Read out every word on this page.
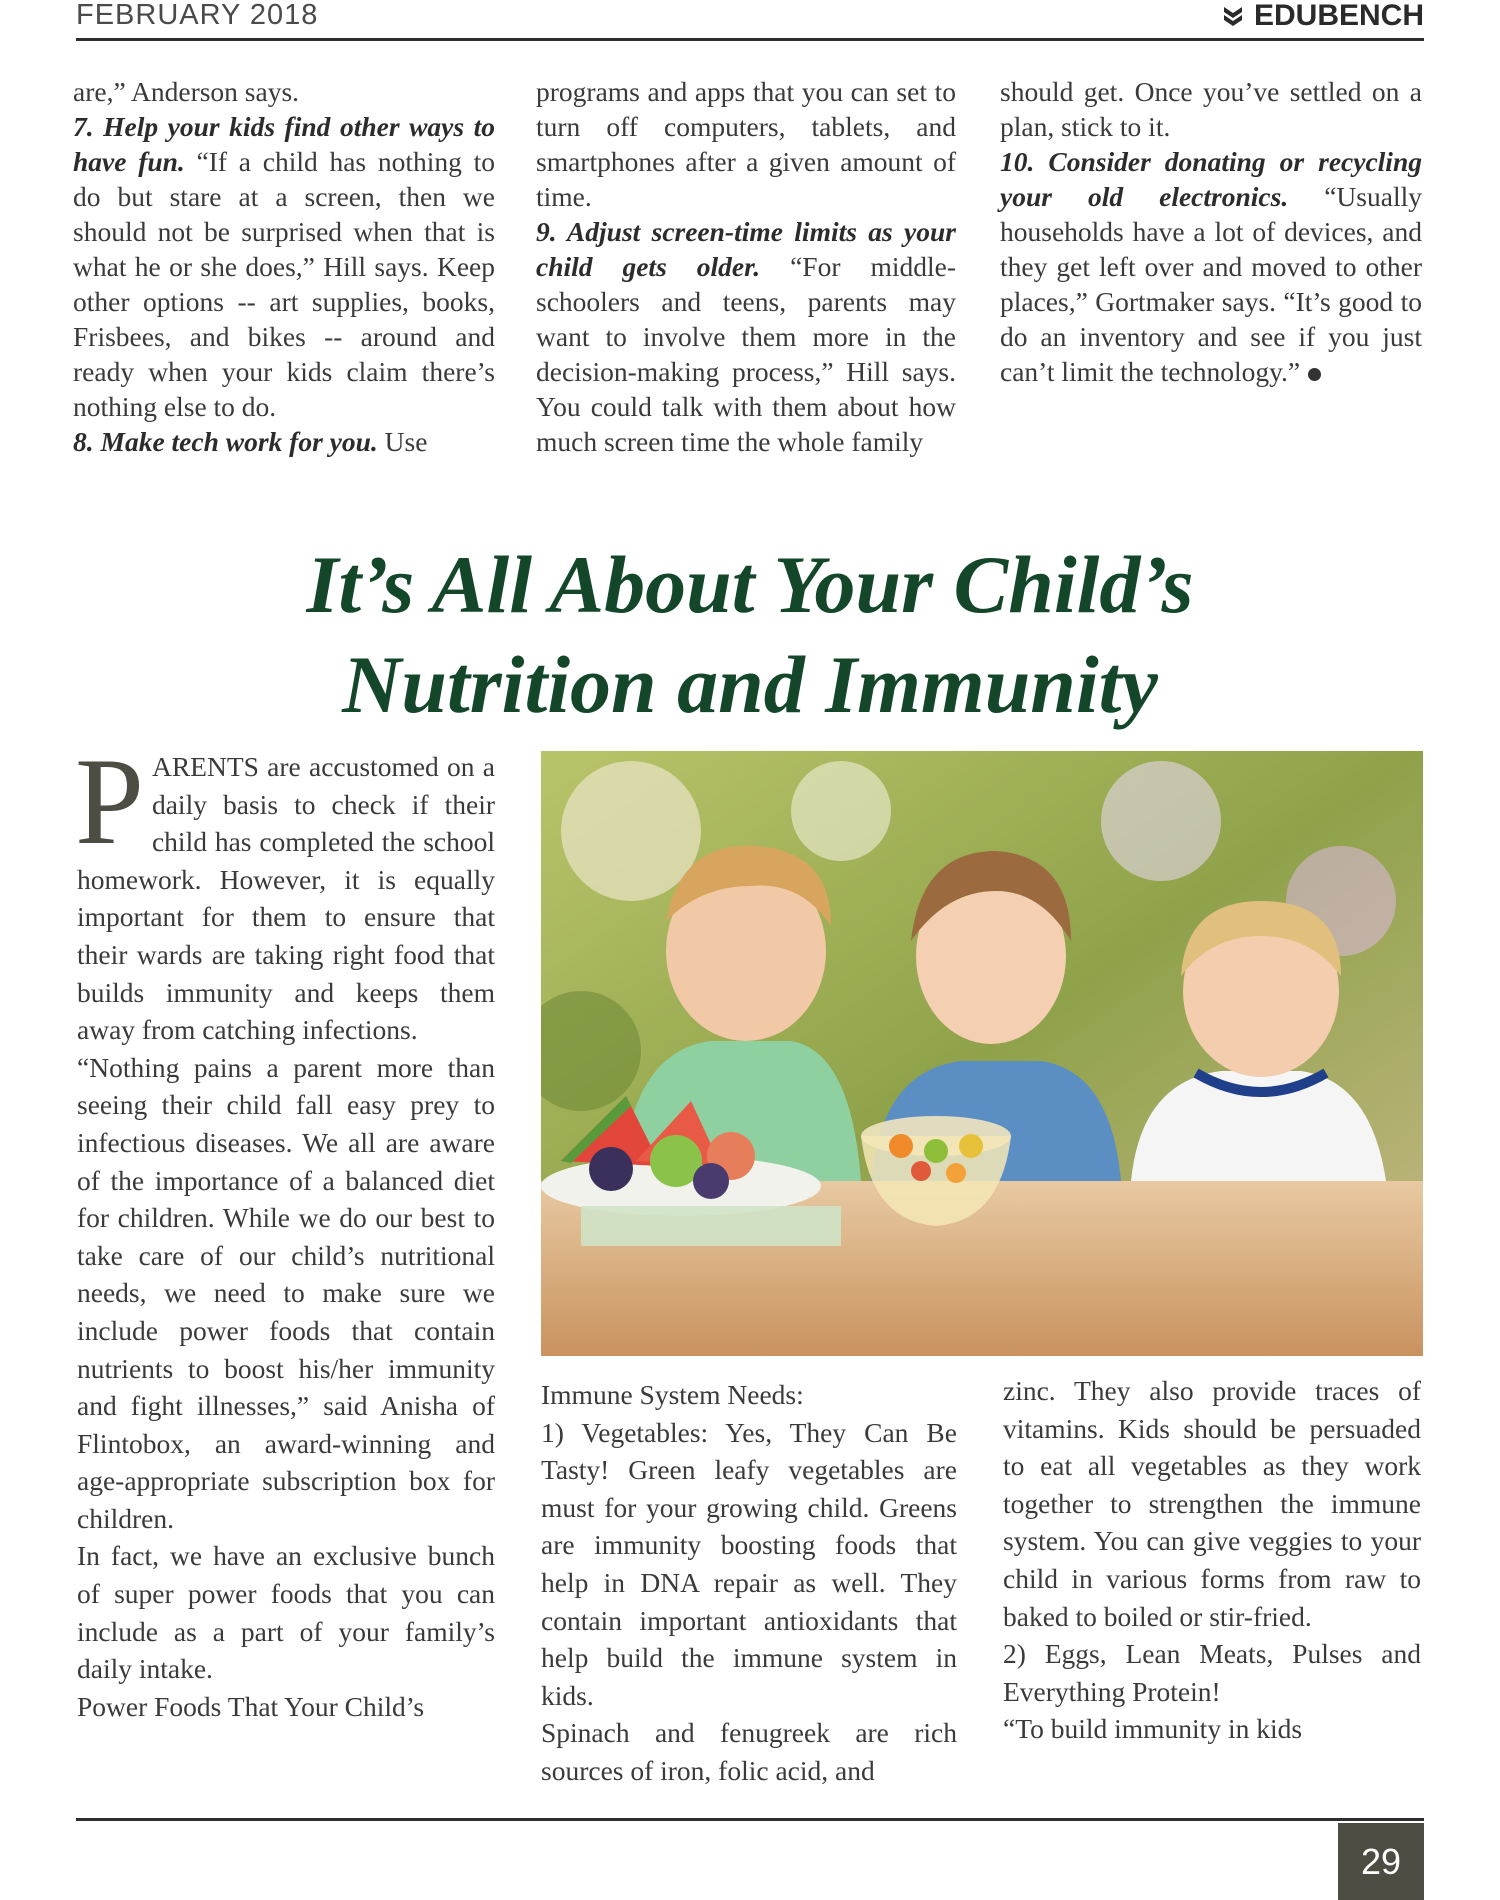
FEBRUARY 2018	EDUBENCH

are,” Anderson says.

7. Help your kids find other ways to have fun. “If a child has nothing to do but stare at a screen, then we should not be surprised when that is what he or she does,” Hill says. Keep other options -- art supplies, books, Frisbees, and bikes -- around and ready when your kids claim there’s nothing else to do.

8. Make tech work for you. Use

programs and apps that you can set to turn off computers, tablets, and smartphones after a given amount of time.

9. Adjust screen-time limits as your child gets older. “For middle-schoolers and teens, parents may want to involve them more in the decision-making process,” Hill says. You could talk with them about how much screen time the whole family

should get. Once you’ve settled on a plan, stick to it.

10. Consider donating or recycling your old electronics. “Usually households have a lot of devices, and they get left over and moved to other places,” Gortmaker says. “It’s good to do an inventory and see if you just can’t limit the technology.”

It’s All About Your Child’s
Nutrition and Immunity

PARENTS are accustomed on a daily basis to check if their child has completed the school homework. However, it is equally important for them to ensure that their wards are taking right food that builds immunity and keeps them away from catching infections.

“Nothing pains a parent more than seeing their child fall easy prey to infectious diseases. We all are aware of the importance of a balanced diet for children. While we do our best to take care of our child’s nutritional needs, we need to make sure we include power foods that contain nutrients to boost his/her immunity and fight illnesses,” said Anisha of Flintobox, an award-winning and age-appropriate subscription box for children.

In fact, we have an exclusive bunch of super power foods that you can include as a part of your family’s daily intake.

Power Foods That Your Child’s

Immune System Needs:

1) Vegetables: Yes, They Can Be Tasty! Green leafy vegetables are must for your growing child. Greens are immunity boosting foods that help in DNA repair as well. They contain important antioxidants that help build the immune system in kids.

Spinach and fenugreek are rich sources of iron, folic acid, and

zinc. They also provide traces of vitamins. Kids should be persuaded to eat all vegetables as they work together to strengthen the immune system. You can give veggies to your child in various forms from raw to baked to boiled or stir-fried.

2) Eggs, Lean Meats, Pulses and Everything Protein!

“To build immunity in kids

29
